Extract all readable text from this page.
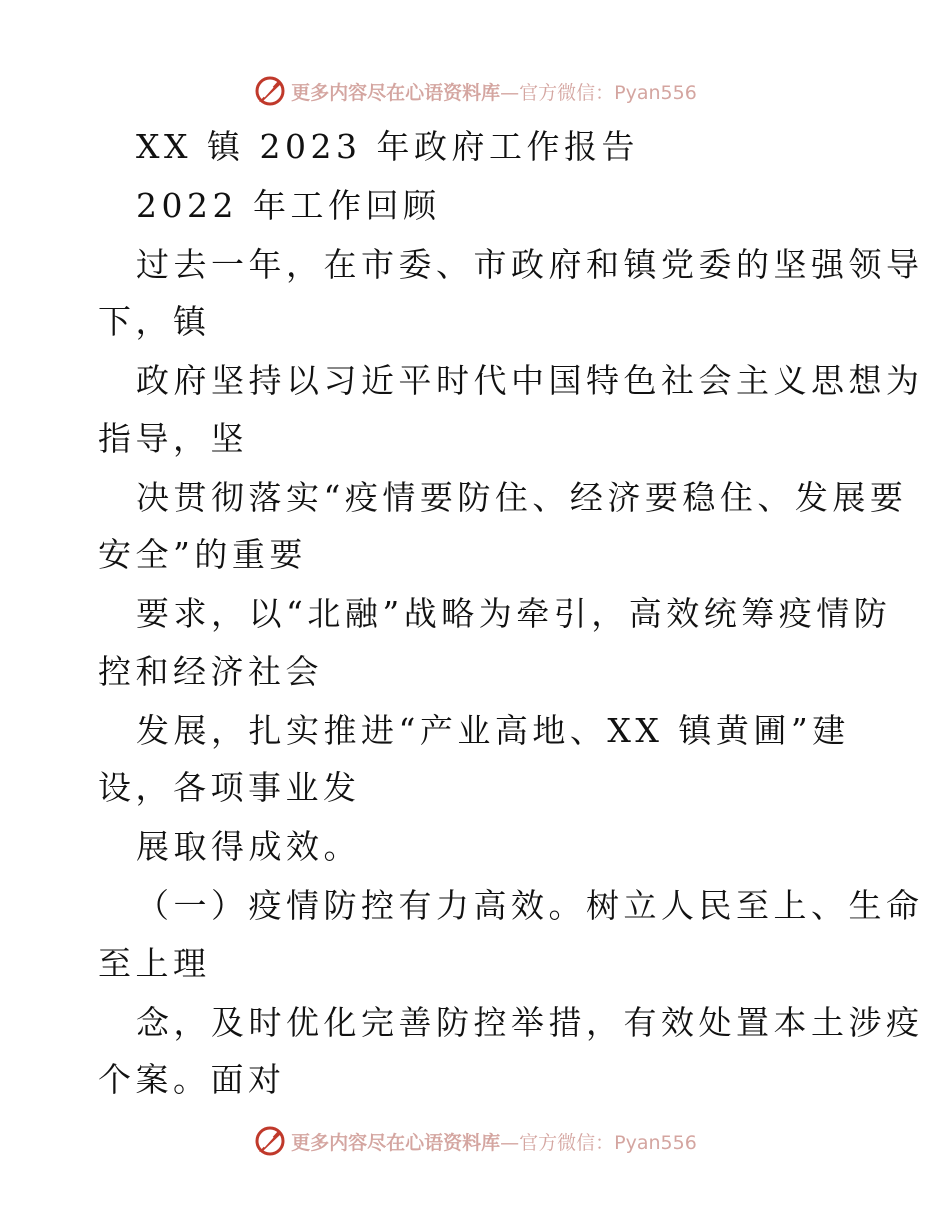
更多内容尽在心语资料库 —官方微信：Pyan556
XX 镇 2023 年政府工作报告
2022 年工作回顾
过去一年，在市委、市政府和镇党委的坚强领导
下，镇
政府坚持以习近平时代中国特色社会主义思想为
指导，坚
决贯彻落实“疫情要防住、经济要稳住、发展要
安全”的重要
要求，以“北融”战略为牵引，高效统筹疫情防
控和经济社会
发展，扎实推进“产业高地、XX 镇黄圃”建
设，各项事业发
展取得成效。
（一）疫情防控有力高效。树立人民至上、生命
至上理
念，及时优化完善防控举措，有效处置本土涉疫
个案。面对
更多内容尽在心语资料库 —官方微信：Pyan556
